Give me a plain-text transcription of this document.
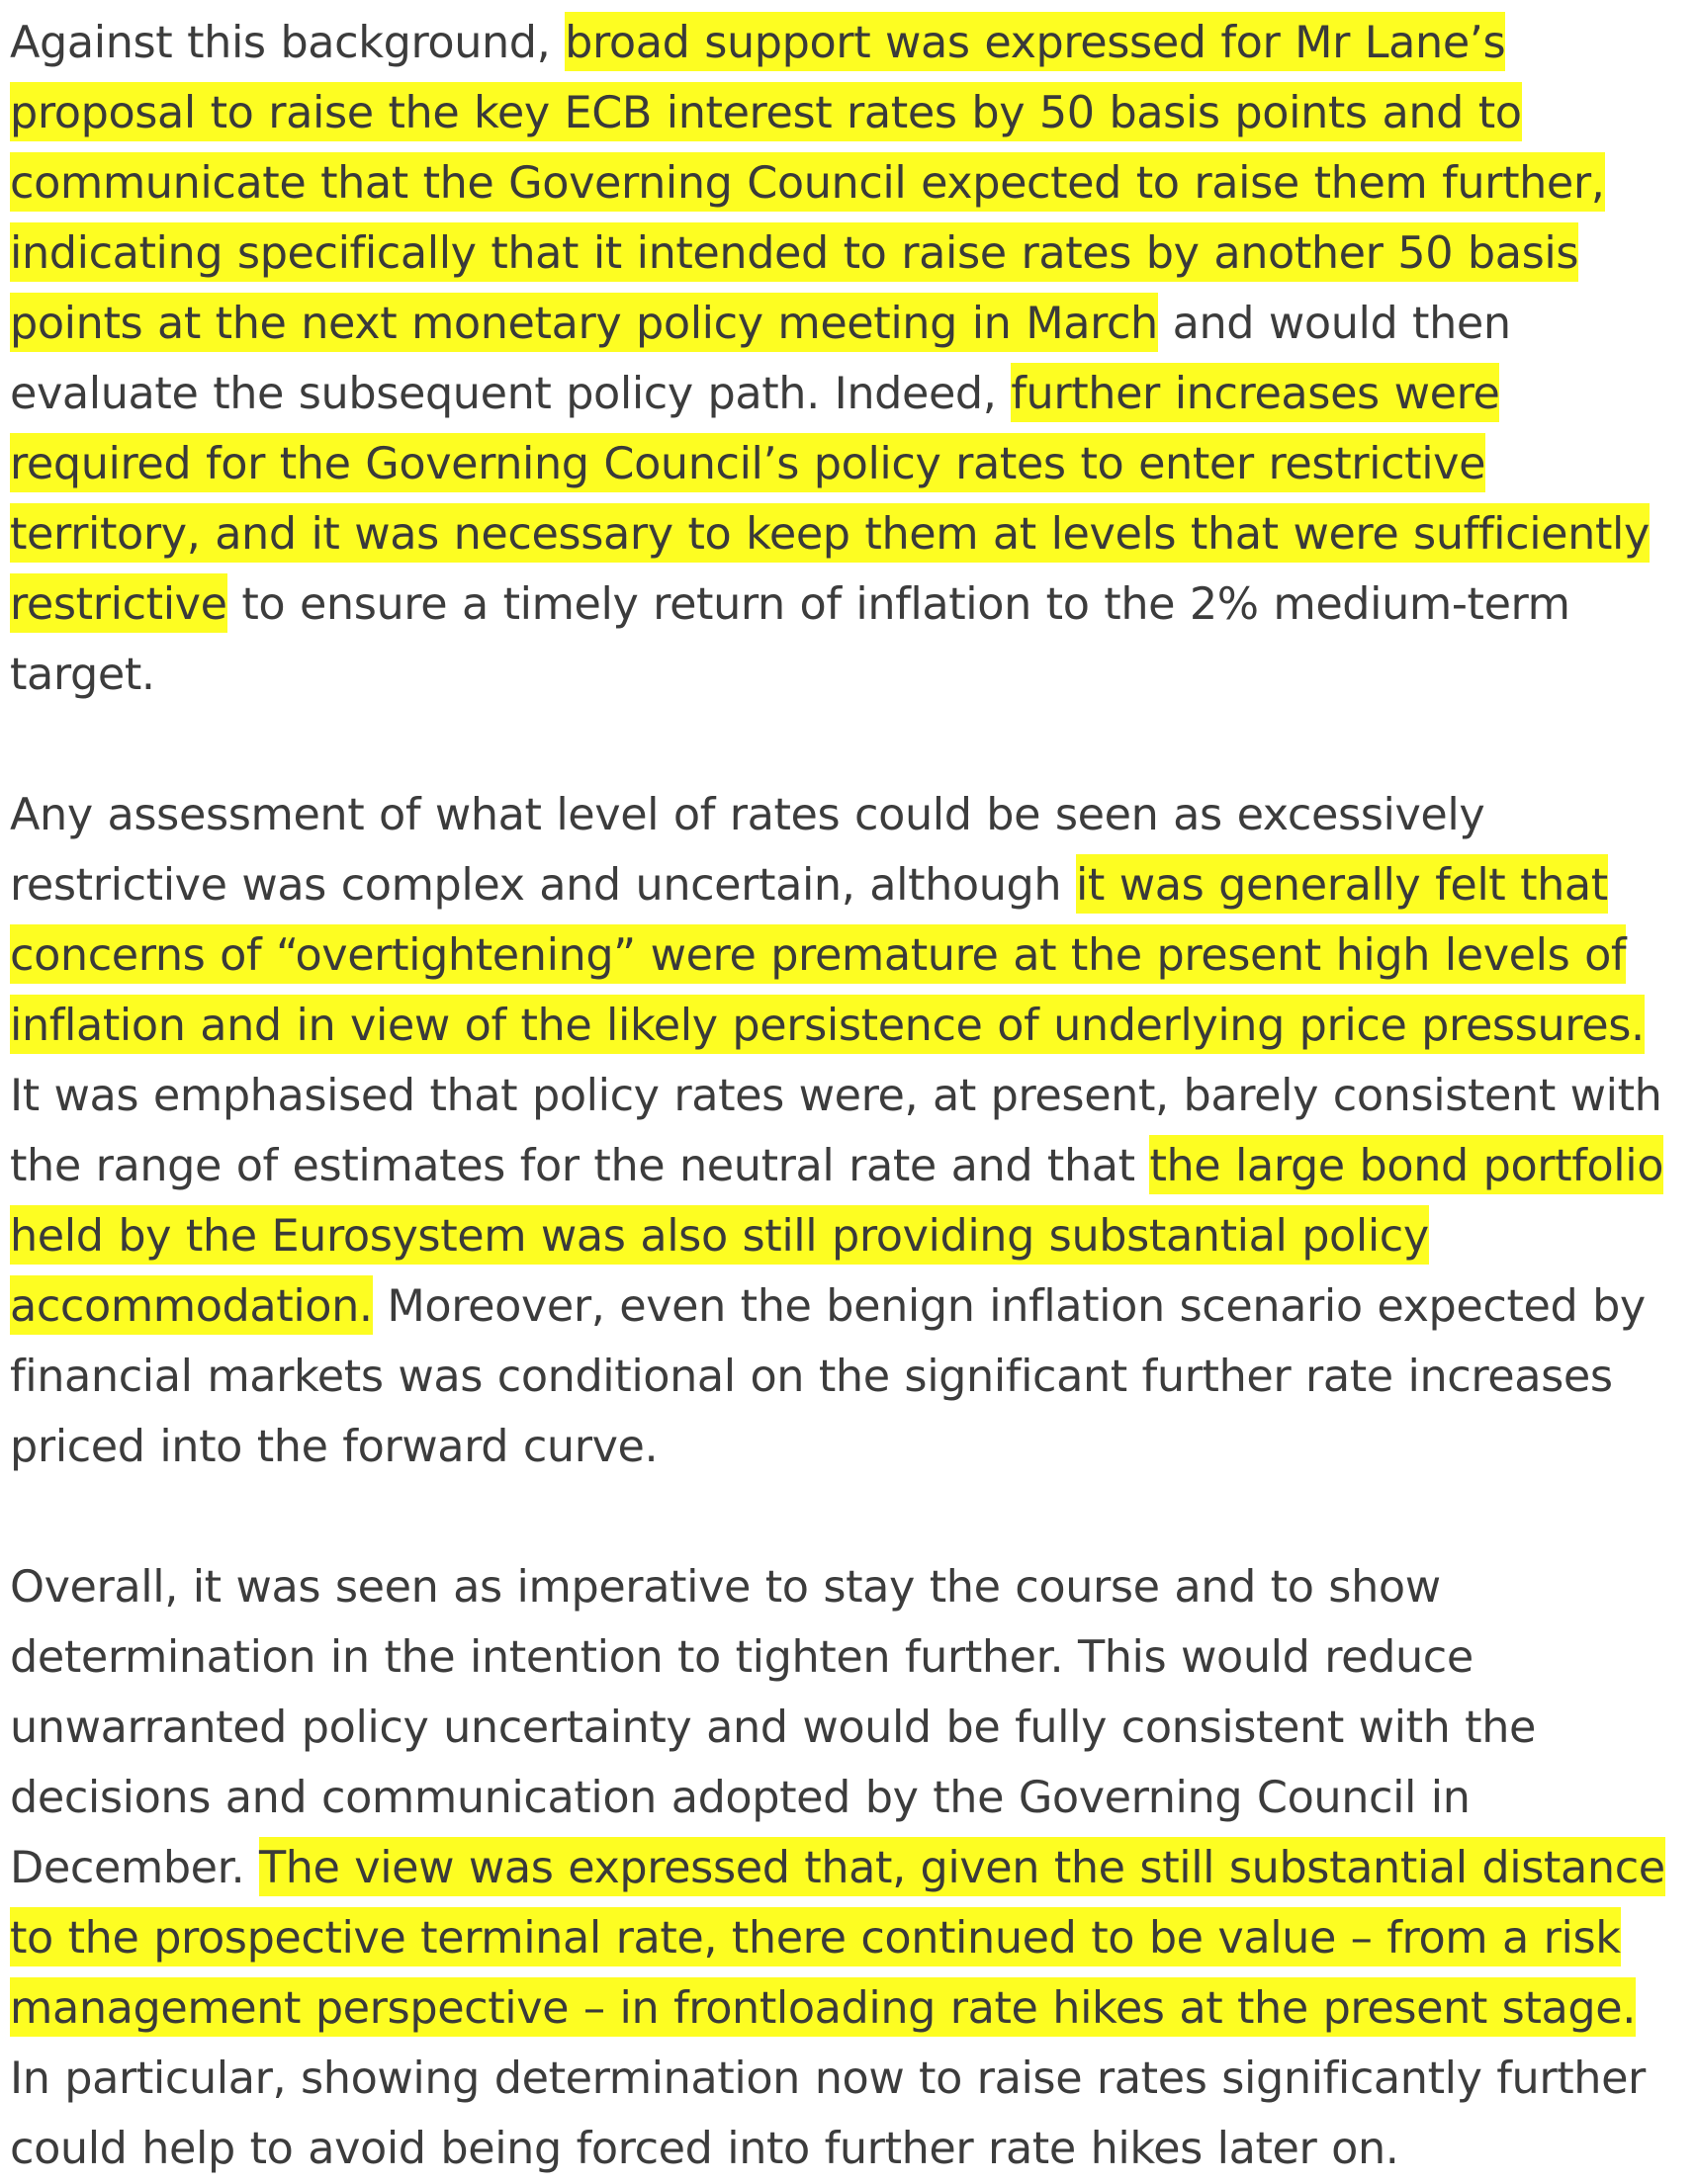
Against this background, broad support was expressed for Mr Lane’s proposal to raise the key ECB interest rates by 50 basis points and to communicate that the Governing Council expected to raise them further, indicating specifically that it intended to raise rates by another 50 basis points at the next monetary policy meeting in March and would then evaluate the subsequent policy path. Indeed, further increases were required for the Governing Council’s policy rates to enter restrictive territory, and it was necessary to keep them at levels that were sufficiently restrictive to ensure a timely return of inflation to the 2% medium-term target.

Any assessment of what level of rates could be seen as excessively restrictive was complex and uncertain, although it was generally felt that concerns of “overtightening” were premature at the present high levels of inflation and in view of the likely persistence of underlying price pressures. It was emphasised that policy rates were, at present, barely consistent with the range of estimates for the neutral rate and that the large bond portfolio held by the Eurosystem was also still providing substantial policy accommodation. Moreover, even the benign inflation scenario expected by financial markets was conditional on the significant further rate increases priced into the forward curve.

Overall, it was seen as imperative to stay the course and to show determination in the intention to tighten further. This would reduce unwarranted policy uncertainty and would be fully consistent with the decisions and communication adopted by the Governing Council in December. The view was expressed that, given the still substantial distance to the prospective terminal rate, there continued to be value – from a risk management perspective – in frontloading rate hikes at the present stage. In particular, showing determination now to raise rates significantly further could help to avoid being forced into further rate hikes later on.
